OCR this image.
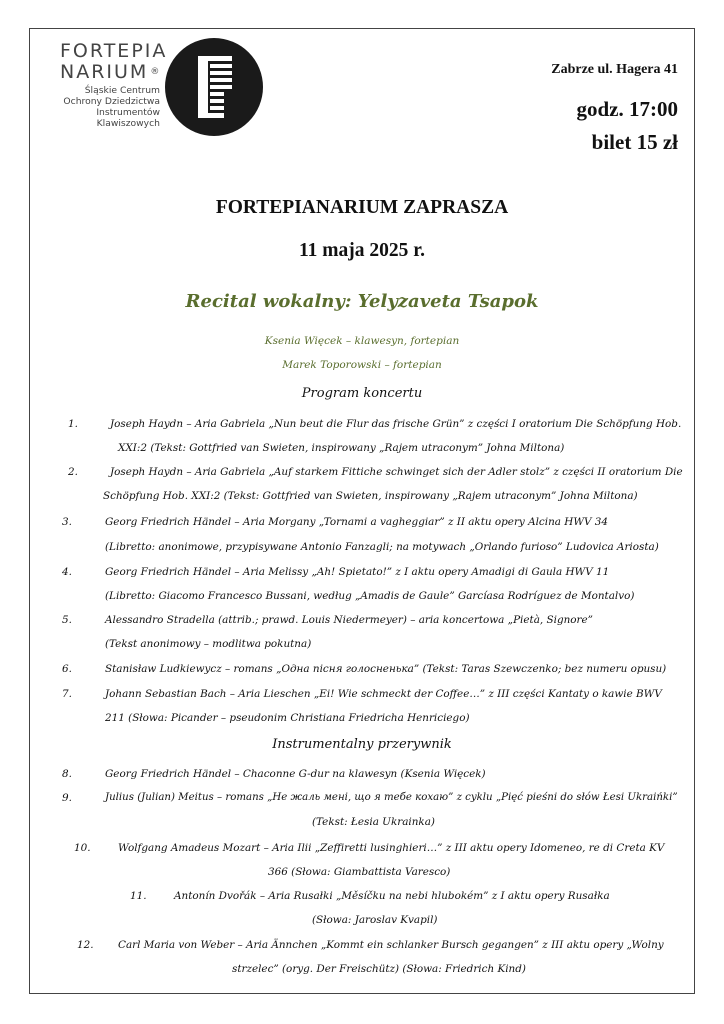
FORTEPIA
NARIUM ®
Śląskie Centrum
Ochrony Dziedzictwa
Instrumentów
Klawiszowych
Zabrze ul. Hagera 41
godz. 17:00
bilet 15 zł
FORTEPIANARIUM ZAPRASZA
11 maja 2025 r.
Recital wokalny: Yelyzaveta Tsapok
Ksenia Więcek – klawesyn, fortepian
Marek Toporowski – fortepian
Program koncertu
1.	Joseph Haydn – Aria Gabriela „Nun beut die Flur das frische Grün” z części I oratorium Die Schöpfung Hob.
XXI:2 (Tekst: Gottfried van Swieten, inspirowany „Rajem utraconym” Johna Miltona)
2.	Joseph Haydn – Aria Gabriela „Auf starkem Fittiche schwinget sich der Adler stolz” z części II oratorium Die
Schöpfung Hob. XXI:2 (Tekst: Gottfried van Swieten, inspirowany „Rajem utraconym” Johna Miltona)
3.	Georg Friedrich Händel – Aria Morgany „Tornami a vagheggiar” z II aktu opery Alcina HWV 34
(Libretto: anonimowe, przypisywane Antonio Fanzagli; na motywach „Orlando furioso” Ludovica Ariosta)
4.	Georg Friedrich Händel – Aria Melissy „Ah! Spietato!” z I aktu opery Amadigi di Gaula HWV 11
(Libretto: Giacomo Francesco Bussani, według „Amadis de Gaule” Garcíasa Rodríguez de Montalvo)
5.	Alessandro Stradella (attrib.; prawd. Louis Niedermeyer) – aria koncertowa „Pietà, Signore”
(Tekst anonimowy – modlitwa pokutna)
6.	Stanisław Ludkiewycz – romans „Одна пісня голосненька” (Tekst: Taras Szewczenko; bez numeru opusu)
7.	Johann Sebastian Bach – Aria Lieschen „Ei! Wie schmeckt der Coffee…” z III części Kantaty o kawie BWV
211 (Słowa: Picander – pseudonim Christiana Friedricha Henriciego)
Instrumentalny przerywnik
8.	Georg Friedrich Händel – Chaconne G-dur na klawesyn (Ksenia Więcek)
9.	Julius (Julian) Meitus – romans „Не жаль мені, що я тебе кохаю” z cyklu „Pięć pieśni do słów Łesi Ukraińki”
(Tekst: Łesia Ukrainka)
10.	Wolfgang Amadeus Mozart – Aria Ilii „Zeffiretti lusinghieri…” z III aktu opery Idomeneo, re di Creta KV
366 (Słowa: Giambattista Varesco)
11.	Antonín Dvořák – Aria Rusałki „Měsíčku na nebi hlubokém” z I aktu opery Rusałka
(Słowa: Jaroslav Kvapil)
12. Carl Maria von Weber – Aria Ännchen „Kommt ein schlanker Bursch gegangen” z III aktu opery „Wolny
strzelec” (oryg. Der Freischütz) (Słowa: Friedrich Kind)
